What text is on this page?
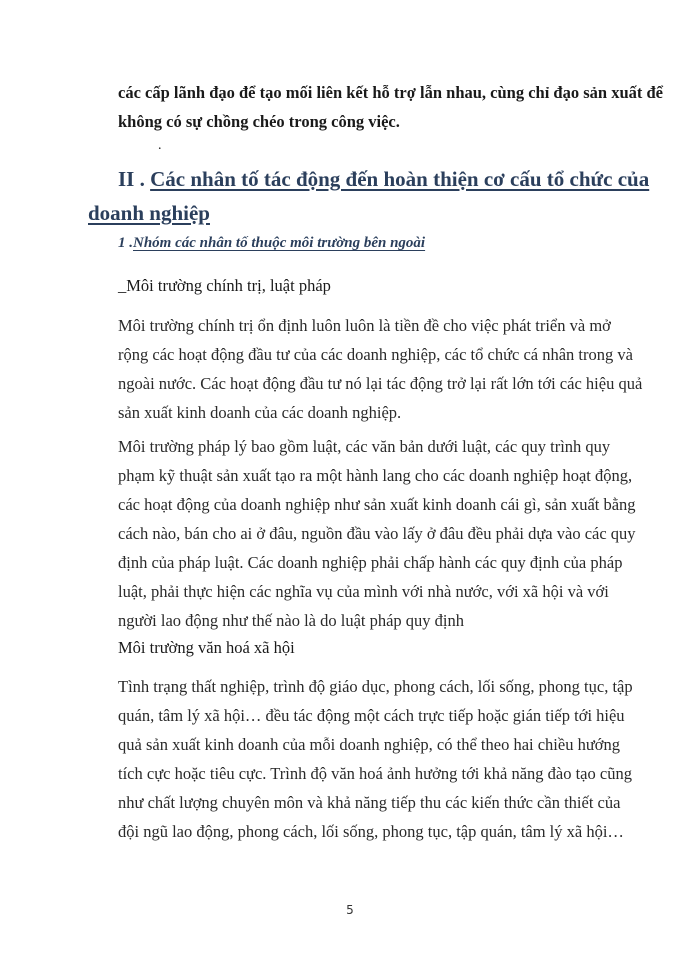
các cấp lãnh đạo để tạo mối liên kết hỗ trợ lẫn nhau, cùng chỉ đạo sản xuất để
không có sự chồng chéo trong công việc.
.
II . Các nhân tố tác động đến hoàn thiện cơ cấu tổ chức của doanh nghiệp
1 .Nhóm các nhân tố thuộc môi trường bên ngoài
_Môi trường chính trị, luật pháp
Môi trường chính trị ổn định luôn luôn là tiền đề cho việc phát triển và mở rộng các hoạt động đầu tư của các doanh nghiệp, các tổ chức cá nhân trong và ngoài nước. Các hoạt động đầu tư nó lại tác động trở lại rất lớn tới các hiệu quả sản xuất kinh doanh của các doanh nghiệp.
Môi trường pháp lý bao gồm luật, các văn bản dưới luật, các quy trình quy phạm kỹ thuật sản xuất tạo ra một hành lang cho các doanh nghiệp hoạt động, các hoạt động của doanh nghiệp như sản xuất kinh doanh cái gì, sản xuất bằng cách nào, bán cho ai ở đâu, nguồn đầu vào lấy ở đâu đều phải dựa vào các quy định của pháp luật. Các doanh nghiệp phải chấp hành các quy định của pháp luật, phải thực hiện các nghĩa vụ của mình với nhà nước, với xã hội và với người lao động như thế nào là do luật pháp quy định
Môi trường văn hoá xã hội
Tình trạng thất nghiệp, trình độ giáo dục, phong cách, lối sống, phong tục, tập quán, tâm lý xã hội… đều tác động một cách trực tiếp hoặc gián tiếp tới hiệu quả sản xuất kinh doanh của mỗi doanh nghiệp, có thể theo hai chiều hướng tích cực hoặc tiêu cực. Trình độ văn hoá ảnh hưởng tới khả năng đào tạo cũng như chất lượng chuyên môn và khả năng tiếp thu các kiến thức cần thiết của đội ngũ lao động, phong cách, lối sống, phong tục, tập quán, tâm lý xã hội…
5
